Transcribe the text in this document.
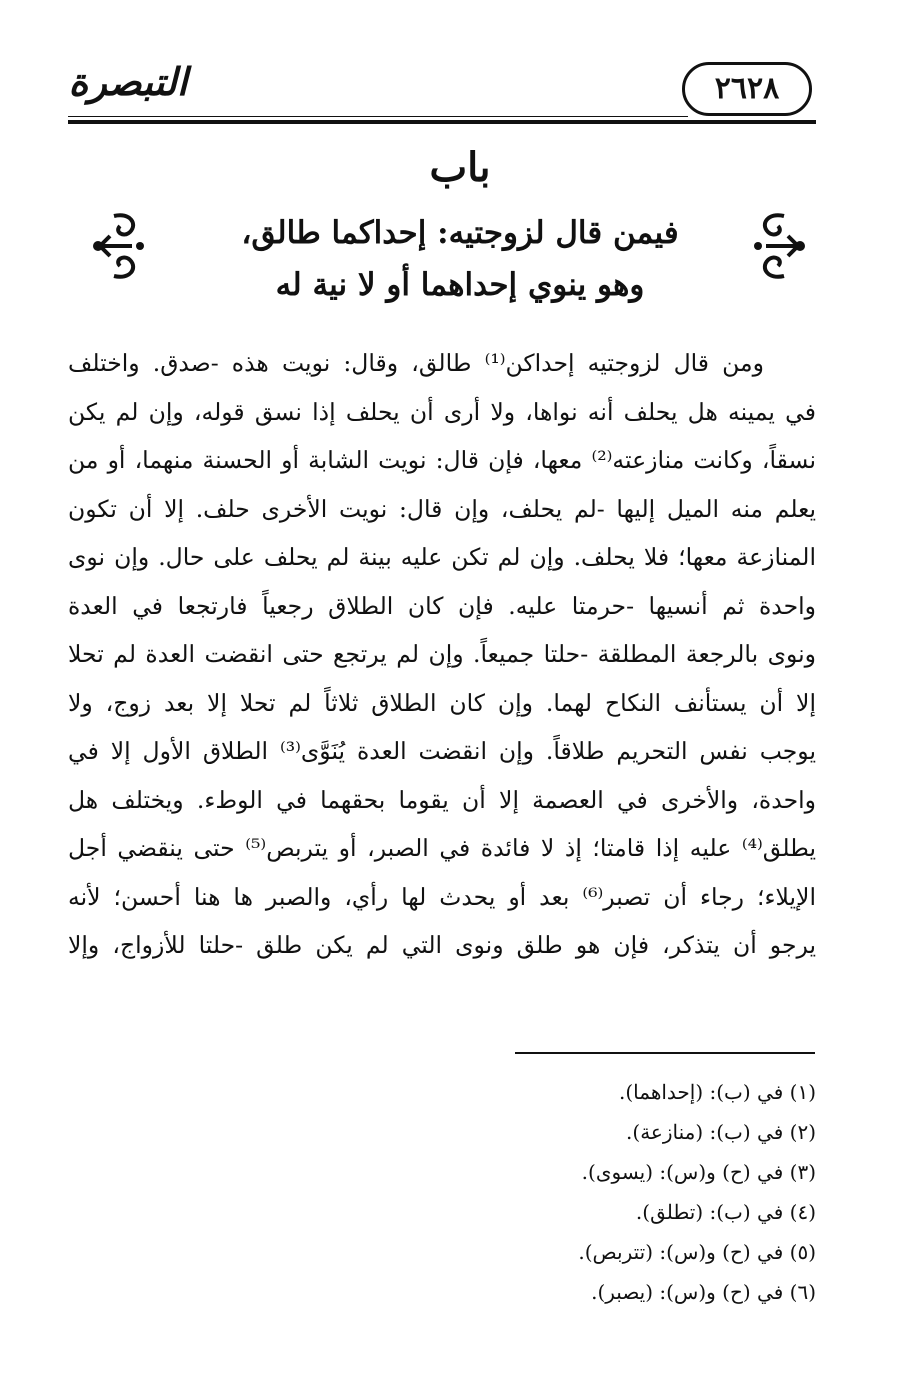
التبصرة	٢٦٢٨
باب
فيمن قال لزوجتيه: إحداكما طالق،
وهو ينوي إحداهما أو لا نية له
ومن قال لزوجتيه إحداكن⁽¹⁾ طالق، وقال: نويت هذه -صدق. واختلف
في يمينه هل يحلف أنه نواها، ولا أرى أن يحلف إذا نسق قوله، وإن لم يكن
نسقاً، وكانت منازعته⁽²⁾ معها، فإن قال: نويت الشابة أو الحسنة منهما، أو من
يعلم منه الميل إليها -لم يحلف، وإن قال: نويت الأخرى حلف. إلا أن تكون
المنازعة معها؛ فلا يحلف. وإن لم تكن عليه بينة لم يحلف على حال. وإن نوى
واحدة ثم أنسيها -حرمتا عليه. فإن كان الطلاق رجعياً فارتجعا في العدة
ونوى بالرجعة المطلقة -حلتا جميعاً. وإن لم يرتجع حتى انقضت العدة لم تحلا
إلا أن يستأنف النكاح لهما. وإن كان الطلاق ثلاثاً لم تحلا إلا بعد زوج، ولا
يوجب نفس التحريم طلاقاً. وإن انقضت العدة يُنَوَّى⁽³⁾ الطلاق الأول إلا في
واحدة، والأخرى في العصمة إلا أن يقوما بحقهما في الوطء. ويختلف هل
يطلق⁽⁴⁾ عليه إذا قامتا؛ إذ لا فائدة في الصبر، أو يتربص⁽⁵⁾ حتى ينقضي أجل
الإيلاء؛ رجاء أن تصبر⁽⁶⁾ بعد أو يحدث لها رأي، والصبر ها هنا أحسن؛ لأنه
يرجو أن يتذكر، فإن هو طلق ونوى التي لم يكن طلق -حلتا للأزواج، وإلا
(١) في (ب): (إحداهما).
(٢) في (ب): (منازعة).
(٣) في (ح) و(س): (يسوى).
(٤) في (ب): (تطلق).
(٥) في (ح) و(س): (تتربص).
(٦) في (ح) و(س): (يصبر).
